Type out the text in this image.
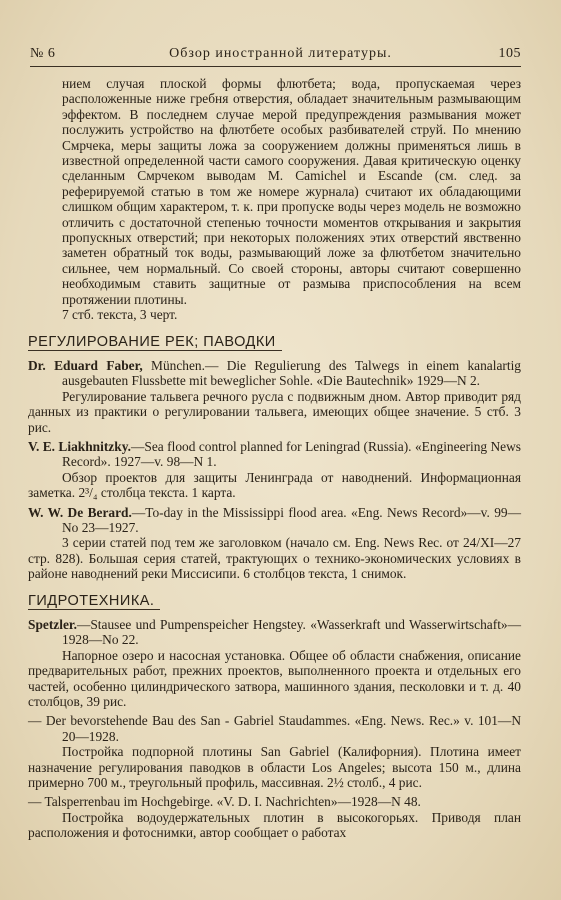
№ 6	Обзор иностранной литературы.	105

нием случая плоской формы флютбета; вода, пропускаемая через расположенные ниже гребня отверстия, обладает значительным размывающим эффектом. В последнем случае мерой предупреждения размывания может послужить устройство на флютбете особых разбивателей струй. По мнению Смрчека, меры защиты ложа за сооружением должны применяться лишь в известной определенной части самого сооружения. Давая критическую оценку сделанным Смрчеком выводам M. Camichel и Escande (см. след. за реферируемой статью в том же номере журнала) считают их обладающими слишком общим характером, т. к. при пропуске воды через модель не возможно отличить с достаточной степенью точности моментов открывания и закрытия пропускных отверстий; при некоторых положениях этих отверстий явственно заметен обратный ток воды, размывающий ложе за флютбетом значительно сильнее, чем нормальный. Со своей стороны, авторы считают совершенно необходимым ставить защитные от размыва приспособления на всем протяжении плотины.

7 стб. текста, 3 черт.

РЕГУЛИРОВАНИЕ РЕК; ПАВОДКИ

Dr. Eduard Faber, München.— Die Regulierung des Talwegs in einem kanalartig ausgebauten Flussbette mit beweglicher Sohle. «Die Bautechnik» 1929—N 2.

Регулирование тальвега речного русла с подвижным дном. Автор приводит ряд данных из практики о регулировании тальвега, имеющих общее значение. 5 стб. 3 рис.

V. E. Liakhnitzky.—Sea flood control planned for Leningrad (Russia). «Engineering News Record». 1927—v. 98—N 1.

Обзор проектов для защиты Ленинграда от наводнений. Информационная заметка. 2³/₄ столбца текста. 1 карта.

W. W. De Berard.—To-day in the Mississippi flood area. «Eng. News Record»—v. 99—No 23—1927.

3 серии статей под тем же заголовком (начало см. Eng. News Rec. от 24/XI—27 стр. 828). Большая серия статей, трактующих о технико-экономических условиях в районе наводнений реки Миссисипи. 6 столбцов текста, 1 снимок.

ГИДРОТЕХНИКА.

Spetzler.—Stausee und Pumpenspeicher Hengstey. «Wasserkraft und Wasserwirtschaft»—1928—No 22.

Напорное озеро и насосная установка. Общее об области снабжения, описание предварительных работ, прежних проектов, выполненного проекта и отдельных его частей, особенно цилиндрического затвора, машинного здания, песколовки и т. д. 40 столбцов, 39 рис.

— Der bevorstehende Bau des San - Gabriel Staudammes. «Eng. News. Rec.» v. 101—N 20—1928.

Постройка подпорной плотины San Gabriel (Калифорния). Плотина имеет назначение регулирования паводков в области Los Angeles; высота 150 м., длина примерно 700 м., треугольный профиль, массивная. 2½ столб., 4 рис.

— Talsperrenbau im Hochgebirge. «V. D. I. Nachrichten»—1928—N 48.

Постройка водоудержательных плотин в высокогорьях. Приводя план расположения и фотоснимки, автор сообщает о работах
